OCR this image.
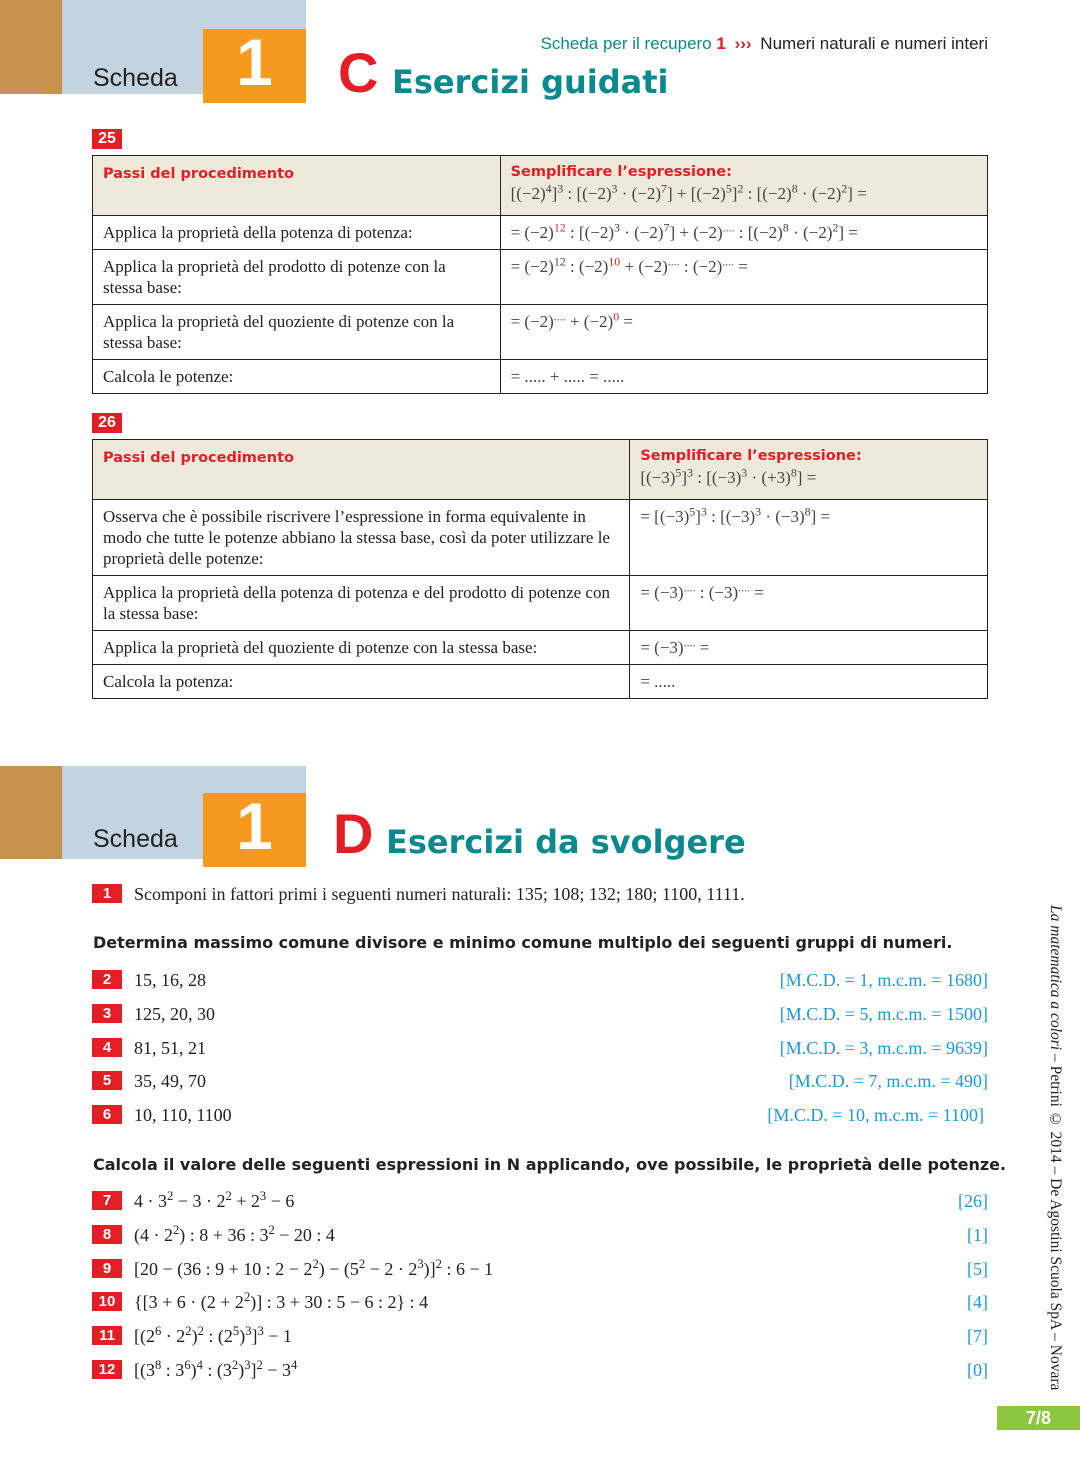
Scheda 1	Scheda per il recupero 1 ››› Numeri naturali e numeri interi
C Esercizi guidati
25
Passi del procedimento	Semplificare l’espressione:
$[(-2)^4]^3$ : $[(-2)^3 \cdot (-2)^7] + [(-2)^5]^2$ : $[(-2)^8 \cdot (-2)^2]$ =

Applica la proprietà della potenza di potenza:	= $(-2)^{12}$ : $[(-2)^3 \cdot (-2)^7] + (-2)^{....}$ : $[(-2)^8 \cdot (-2)^2]$ =
Applica la proprietà del prodotto di potenze con la stessa base:	= $(-2)^{12}$ : $(-2)^{10} + (-2)^{....}$ : (−2).... =
Applica la proprietà del quoziente di potenze con la stessa base:	= $(-2)^{....} + (-2)^0$ =
Calcola le potenze:	= ..... + ..... = .....
26
Passi del procedimento	Semplificare l’espressione:
$[(-3)^5]^3$ : $[(-3)^3 \cdot (+3)^8]$ =

Osserva che è possibile riscrivere l’espressione in forma equivalente in modo che tutte le potenze abbiano la stessa base, così da poter utilizzare le proprietà delle potenze:	= $[(-3)^5]^3$ : $[(-3)^3 \cdot (-3)^8]$ =
Applica la proprietà della potenza di potenza e del prodotto di potenze con la stessa base:	= (−3).... : (−3).... =
Applica la proprietà del quoziente di potenze con la stessa base:	= (−3).... =
Calcola la potenza:	= .....
Scheda 1	D Esercizi da svolgere
1	Scomponi in fattori primi i seguenti numeri naturali: 135; 108; 132; 180; 1100, 1111.
Determina massimo comune divisore e minimo comune multiplo dei seguenti gruppi di numeri.
2	15, 16, 28	[M.C.D. = 1, m.c.m. = 1680]
3	125, 20, 30	[M.C.D. = 5, m.c.m. = 1500]
4	81, 51, 21	[M.C.D. = 3, m.c.m. = 9639]
5	35, 49, 70	[M.C.D. = 7, m.c.m. = 490]
6	10, 110, 1100	[M.C.D. = 10, m.c.m. = 1100]
Calcola il valore delle seguenti espressioni in N applicando, ove possibile, le proprietà delle potenze.
7	$4 \cdot 3^2 - 3 \cdot 2^2 + 2^3 - 6$	[26]
8	$(4 \cdot 2^2)$ : 8 + 36 : $3^2 - 20$ : 4	[1]
9	[20 − (36 : 9 + 10 : $2 - 2^2) - (5^2 - 2 \cdot 2^3)]^2$ : 6 − 1	[5]
10	{$[3 + 6 \cdot (2 + 2^2)]$ : 3 + 30 : 5 − 6 : 2} : 4	[4]
11	[$(2^6 \cdot 2^2)^2$ : $(2^5)^3]^3 - 1$	[7]
12	[($3^8$ : $3^6)^4$ : $(3^2)^3]^2 - 3^4$	[0]
La matematica a colori – Petrini © 2014 – De Agostini Scuola SpA – Novara
7/8
